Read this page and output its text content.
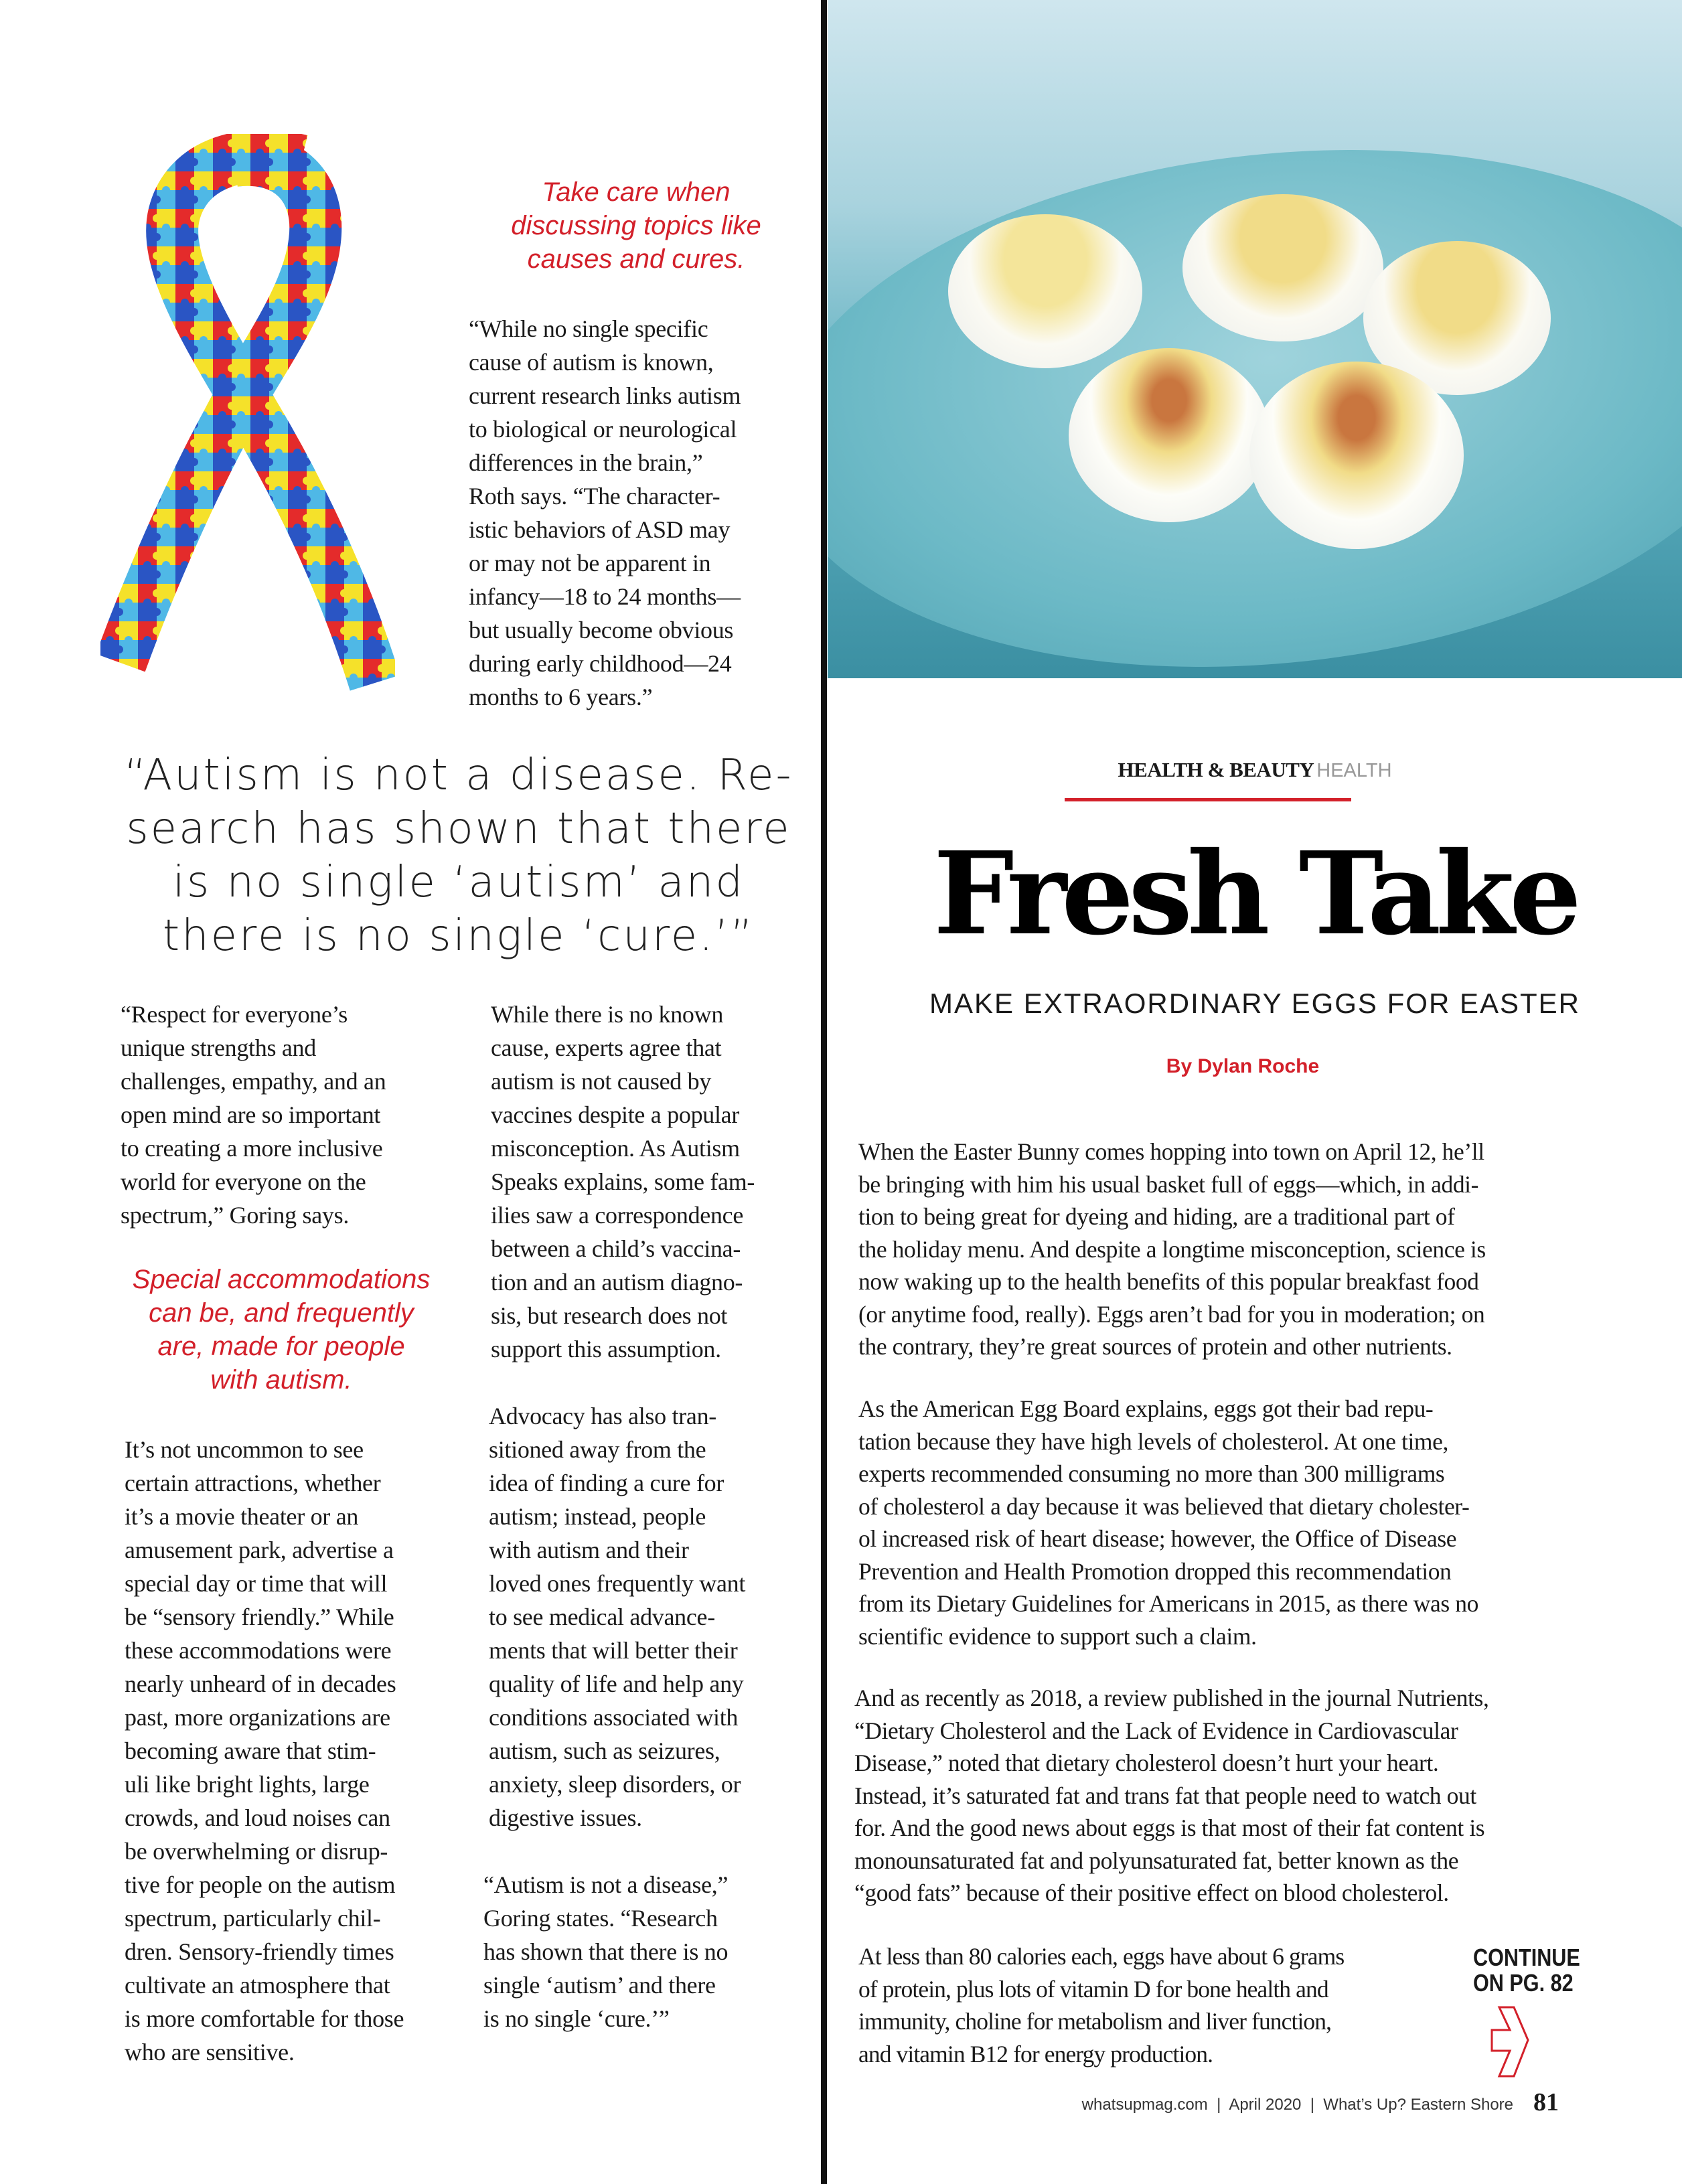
Take care when
discussing topics like
causes and cures.
“While no single specific
cause of autism is known,
current research links autism
to biological or neurological
differences in the brain,”
Roth says. “The character-
istic behaviors of ASD may
or may not be apparent in
infancy—18 to 24 months—
but usually become obvious
during early childhood—24
months to 6 years.”
“Autism is not a disease. Re-
search has shown that there
is no single ‘autism’ and
there is no single ‘cure.’”
“Respect for everyone’s
unique strengths and
challenges, empathy, and an
open mind are so important
to creating a more inclusive
world for everyone on the
spectrum,” Goring says.
Special accommodations
can be, and frequently
are, made for people
with autism.
It’s not uncommon to see
certain attractions, whether
it’s a movie theater or an
amusement park, advertise a
special day or time that will
be “sensory friendly.” While
these accommodations were
nearly unheard of in decades
past, more organizations are
becoming aware that stim-
uli like bright lights, large
crowds, and loud noises can
be overwhelming or disrup-
tive for people on the autism
spectrum, particularly chil-
dren. Sensory-friendly times
cultivate an atmosphere that
is more comfortable for those
who are sensitive.
While there is no known
cause, experts agree that
autism is not caused by
vaccines despite a popular
misconception. As Autism
Speaks explains, some fam-
ilies saw a correspondence
between a child’s vaccina-
tion and an autism diagno-
sis, but research does not
support this assumption.
Advocacy has also tran-
sitioned away from the
idea of finding a cure for
autism; instead, people
with autism and their
loved ones frequently want
to see medical advance-
ments that will better their
quality of life and help any
conditions associated with
autism, such as seizures,
anxiety, sleep disorders, or
digestive issues.
“Autism is not a disease,”
Goring states. “Research
has shown that there is no
single ‘autism’ and there
is no single ‘cure.’”
HEALTH & BEAUTY HEALTH
Fresh Take
MAKE EXTRAORDINARY EGGS FOR EASTER
By Dylan Roche
When the Easter Bunny comes hopping into town on April 12, he’ll
be bringing with him his usual basket full of eggs—which, in addi-
tion to being great for dyeing and hiding, are a traditional part of
the holiday menu. And despite a longtime misconception, science is
now waking up to the health benefits of this popular breakfast food
(or anytime food, really). Eggs aren’t bad for you in moderation; on
the contrary, they’re great sources of protein and other nutrients.
As the American Egg Board explains, eggs got their bad repu-
tation because they have high levels of cholesterol. At one time,
experts recommended consuming no more than 300 milligrams
of cholesterol a day because it was believed that dietary cholester-
ol increased risk of heart disease; however, the Office of Disease
Prevention and Health Promotion dropped this recommendation
from its Dietary Guidelines for Americans in 2015, as there was no
scientific evidence to support such a claim.
And as recently as 2018, a review published in the journal Nutrients,
“Dietary Cholesterol and the Lack of Evidence in Cardiovascular
Disease,” noted that dietary cholesterol doesn’t hurt your heart.
Instead, it’s saturated fat and trans fat that people need to watch out
for. And the good news about eggs is that most of their fat content is
monounsaturated fat and polyunsaturated fat, better known as the
“good fats” because of their positive effect on blood cholesterol.
At less than 80 calories each, eggs have about 6 grams
of protein, plus lots of vitamin D for bone health and
immunity, choline for metabolism and liver function,
and vitamin B12 for energy production.
CONTINUE
ON PG. 82
whatsupmag.com  |  April 2020  |  What’s Up? Eastern Shore 81
